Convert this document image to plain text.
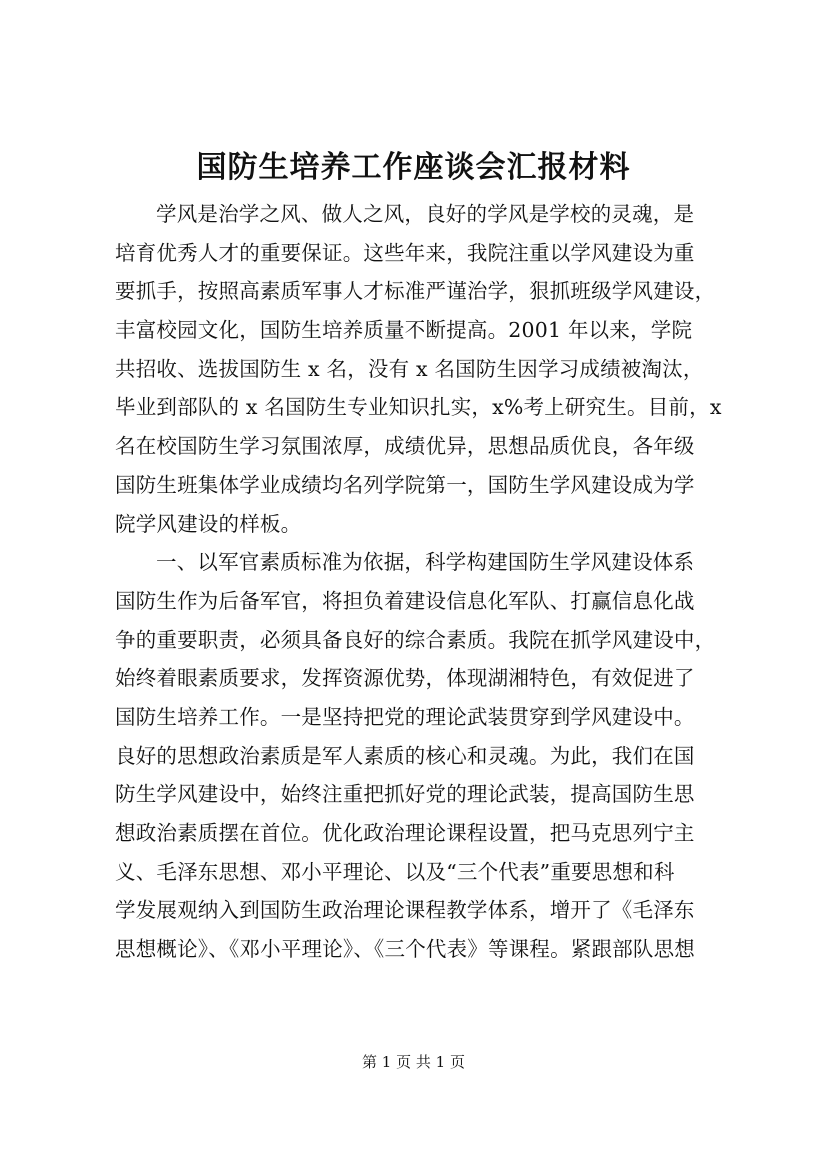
国防生培养工作座谈会汇报材料
学风是治学之风、做人之风，良好的学风是学校的灵魂，是
培育优秀人才的重要保证。这些年来，我院注重以学风建设为重
要抓手，按照高素质军事人才标准严谨治学，狠抓班级学风建设，
丰富校园文化，国防生培养质量不断提高。2001 年以来，学院
共招收、选拔国防生 x 名，没有 x 名国防生因学习成绩被淘汰，
毕业到部队的 x 名国防生专业知识扎实，x%考上研究生。目前，x
名在校国防生学习氛围浓厚，成绩优异，思想品质优良，各年级
国防生班集体学业成绩均名列学院第一，国防生学风建设成为学
院学风建设的样板。
一、以军官素质标准为依据，科学构建国防生学风建设体系
国防生作为后备军官，将担负着建设信息化军队、打赢信息化战
争的重要职责，必须具备良好的综合素质。我院在抓学风建设中，
始终着眼素质要求，发挥资源优势，体现湖湘特色，有效促进了
国防生培养工作。一是坚持把党的理论武装贯穿到学风建设中。
良好的思想政治素质是军人素质的核心和灵魂。为此，我们在国
防生学风建设中，始终注重把抓好党的理论武装，提高国防生思
想政治素质摆在首位。优化政治理论课程设置，把马克思列宁主
义、毛泽东思想、邓小平理论、以及“三个代表”重要思想和科
学发展观纳入到国防生政治理论课程教学体系，增开了《毛泽东
思想概论》、《邓小平理论》、《三个代表》等课程。紧跟部队思想
第 1 页 共 1 页
